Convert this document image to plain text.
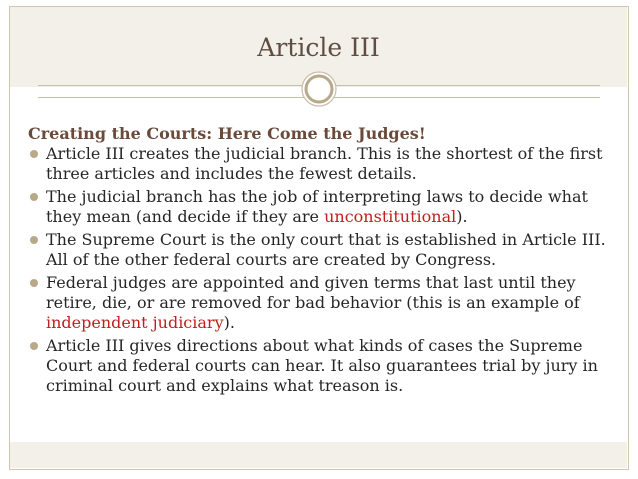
Article III
Creating the Courts: Here Come the Judges!
Article III creates the judicial branch. This is the shortest of the first three articles and includes the fewest details.
The judicial branch has the job of interpreting laws to decide what they mean (and decide if they are unconstitutional).
The Supreme Court is the only court that is established in Article III. All of the other federal courts are created by Congress.
Federal judges are appointed and given terms that last until they retire, die, or are removed for bad behavior (this is an example of independent judiciary).
Article III gives directions about what kinds of cases the Supreme Court and federal courts can hear. It also guarantees trial by jury in criminal court and explains what treason is.
